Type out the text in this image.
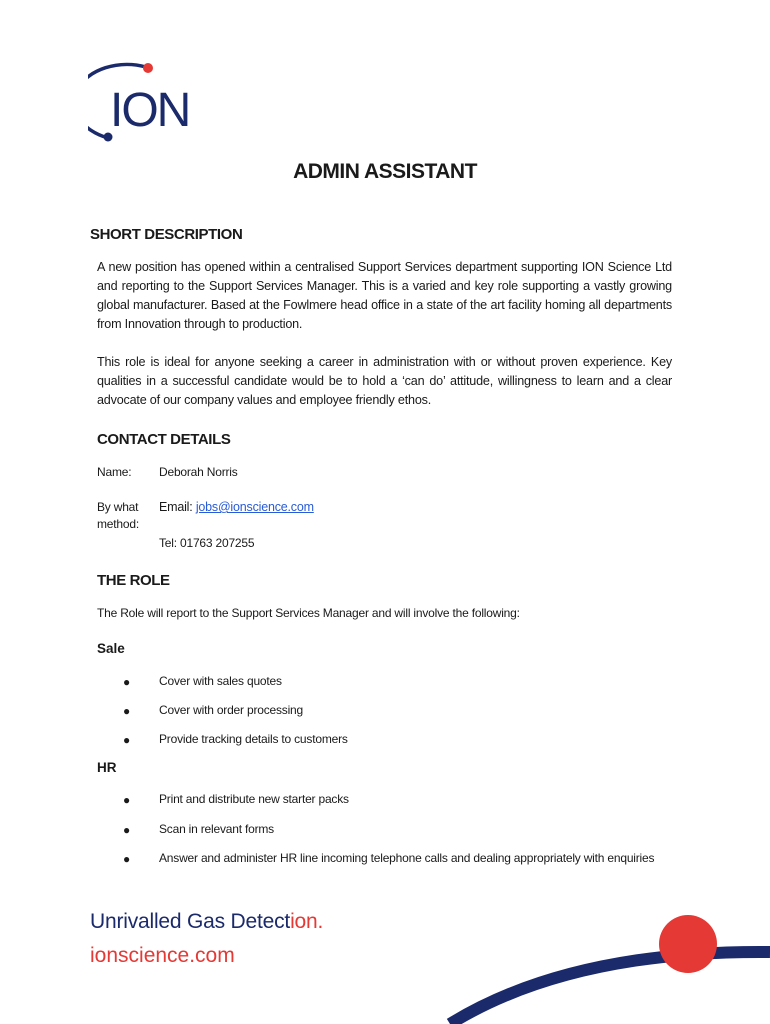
ION
ADMIN ASSISTANT
SHORT DESCRIPTION

A new position has opened within a centralised Support Services department supporting ION Science Ltd and reporting to the Support Services Manager. This is a varied and key role supporting a vastly growing global manufacturer. Based at the Fowlmere head office in a state of the art facility homing all departments from Innovation through to production.

This role is ideal for anyone seeking a career in administration with or without proven experience. Key qualities in a successful candidate would be to hold a ‘can do’ attitude, willingness to learn and a clear advocate of our company values and employee friendly ethos.

CONTACT DETAILS
Name: Deborah Norris
By what
method:
Email: jobs@ionscience.com
Tel: 01763 207255
THE ROLE
The Role will report to the Support Services Manager and will involve the following:
Sale
● Cover with sales quotes
● Cover with order processing
● Provide tracking details to customers
HR
● Print and distribute new starter packs
● Scan in relevant forms
● Answer and administer HR line incoming telephone calls and dealing appropriately with enquiries
Unrivalled Gas Detection.
ionscience.com
